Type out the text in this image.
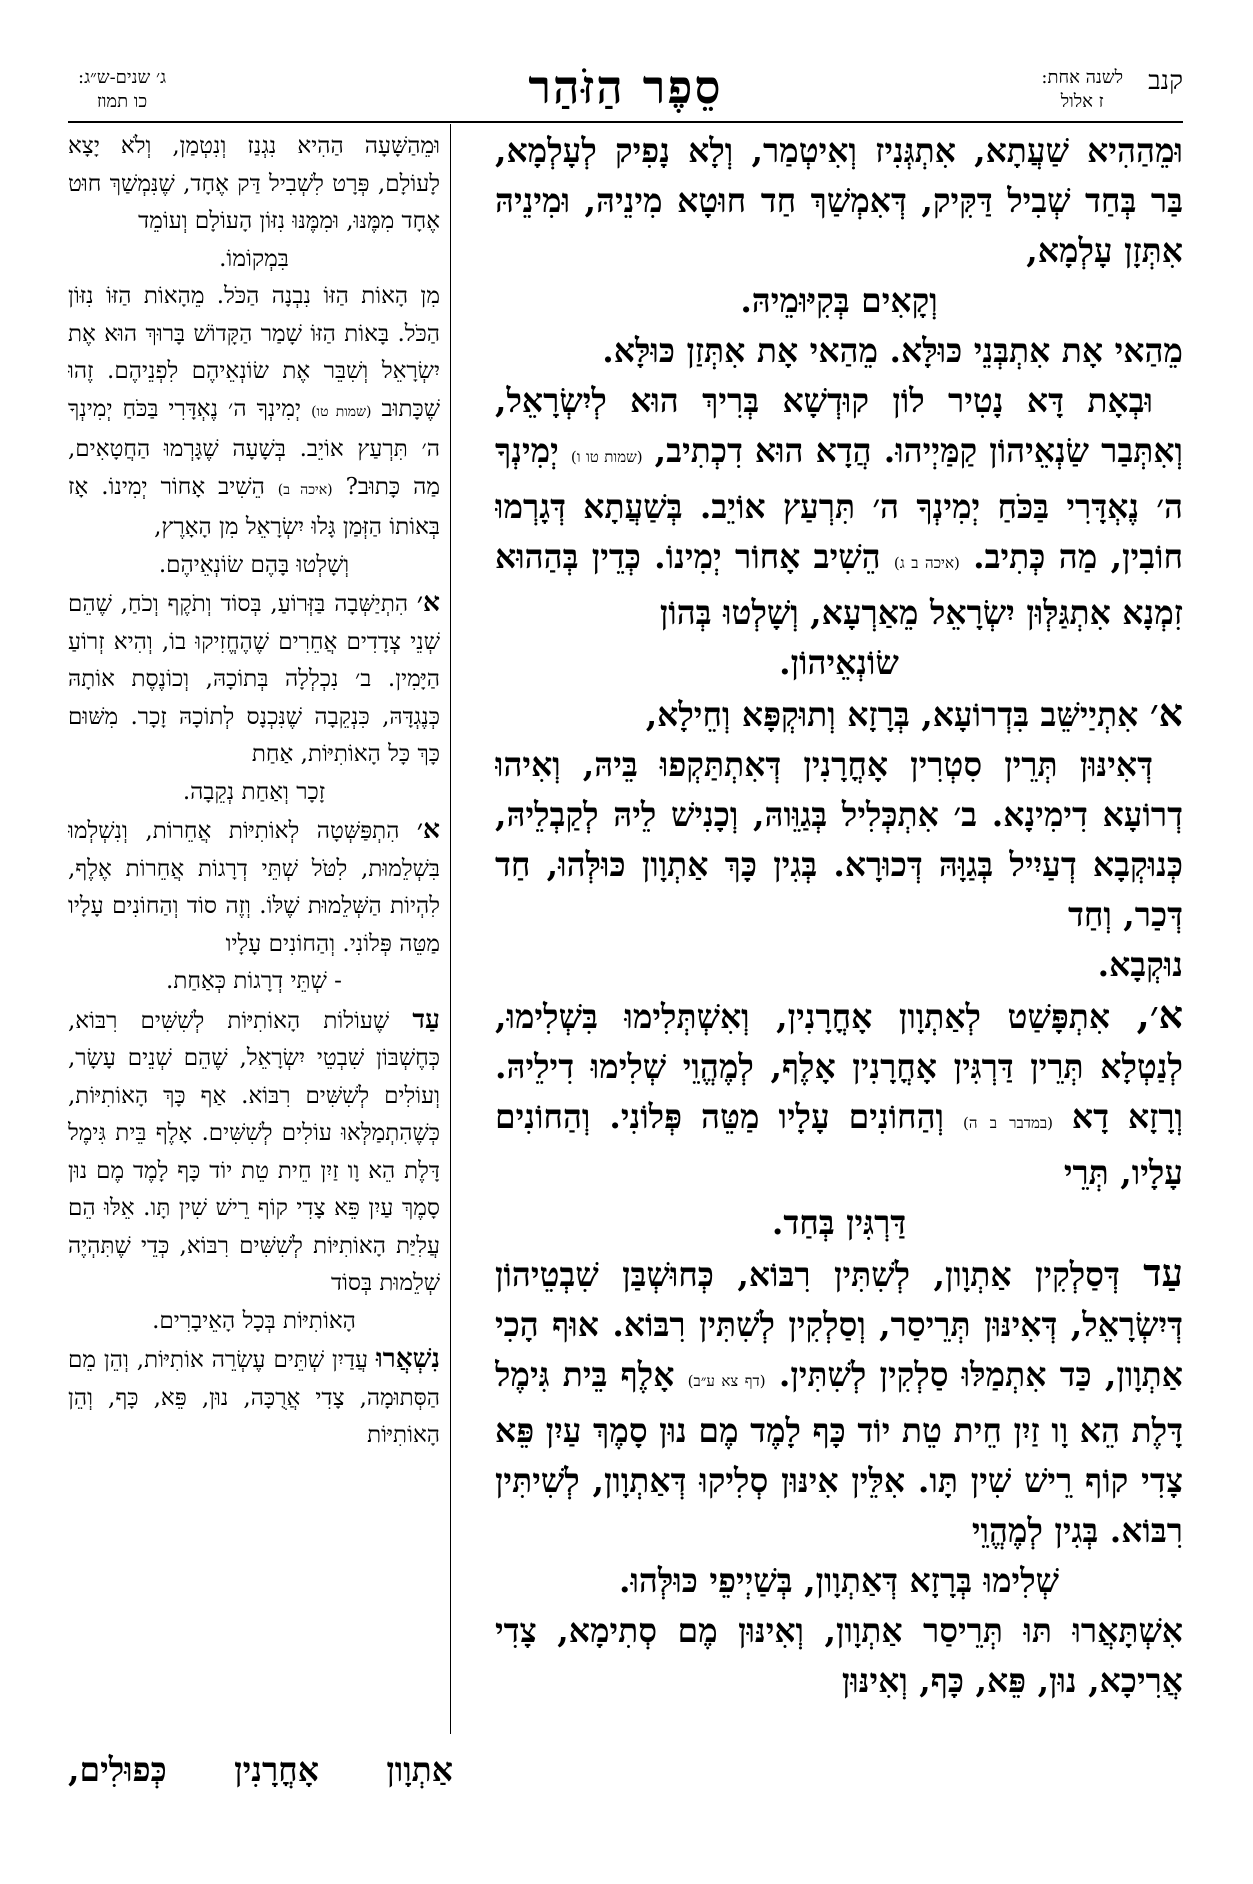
קנב
לשנה אחת:
ז אלול
סֵפֶר הַזֹּהַר
ג׳ שנים-ש״ג:
כו תמוז

וּמֵהַהִיא שַׁעֲתָא, אִתְגְּנִיז וְאִיטְמַר, וְלָא נָפִיק לְעָלְמָא, בַּר בְּחַד שְׁבִיל דַּקִּיק, דְּאִמְשַׁךְ חַד חוּטָא מִינֵיהּ, וּמִינֵיהּ אִתְּזָן עָלְמָא,

וְקָאִים בְּקִיּוּמֵיהּ.

מֵהַאי אָת אִתְבְּנֵי כּוּלָּא. מֵהַאי אָת אִתְּזַן כּוּלָּא.

וּבְאָת דָּא נָטִיר לוֹן קוּדְשָׁא בְּרִיךְ הוּא לְיִשְׂרָאֵל, וְאִתְּבַר שַׂנְאֵיהוֹן קַמַּיְיהוּ. הֲדָא הוּא דִכְתִיב, (שמות טו ו) יְמִינְךָ ה׳ נֶאְדָּרִי בַּכֹּחַ יְמִינְךָ ה׳ תִּרְעַץ אוֹיֵב. בְּשַׁעֲתָא דְּגָרְמוּ חוֹבִין, מַה כְּתִיב. (איכה ב ג) הֵשִׁיב אָחוֹר יְמִינוֹ. כְּדֵין בְּהַהוּא זִמְנָא אִתְגַּלְּוּן יִשְׂרָאֵל מֵאַרְעָא, וְשָׁלְטוּ בְּהוֹן

שׂוֹנְאֵיהוֹן.

א׳ אִתְיַישֵּׁב בִּדְרוֹעָא, בְּרָזָא וְתוּקְפָּא וְחֵילָא,

דְּאִינּוּן תְּרֵין סִטְרִין אָחֳרָנִין דְּאִתְתַּקְפוּ בֵּיהּ, וְאִיהוּ דְרוֹעָא דִימִינָא. ב׳ אִתְכְּלִיל בְּגַוֵּוהּ, וְכָנִישׁ לֵיהּ לְקַבְלֵיהּ, כְּנוּקְבָא דְעַיִיל בְּגַוָּהּ דְּכוּרָא. בְּגִין כָּךְ אַתְוָון כּוּלְּהוּ, חַד דְּכַר, וְחַד

נוּקְבָא.

א׳, אִתְפָּשַׁט לְאַתְוָון אָחֳרָנִין, וְאִשְׁתְּלִימוּ בִּשְׁלִימוּ, לְנַטְלָא תְּרֵין דַּרְגִּין אָחֳרָנִין אָלֶף, לְמֶהֱוֵי שְׁלִימוּ דִילֵיהּ. וְרָזָא דָא (במדבר ב ה) וְהַחוֹנִים עָלָיו מַטֵּה פְּלוֹנִי. וְהַחוֹנִים עָלָיו, תְּרֵי

דַּרְגִּין בְּחַד.

עַד דְּסַלְקִין אַתְוָון, לְשִׁתִּין רִבּוֹא, כְּחוּשְׁבַּן שִׁבְטֵיהוֹן דְּיִשְׂרָאֵל, דְּאִינּוּן תְּרֵיסַר, וְסַלְקִין לְשִׁתִּין רִבּוֹא. אוּף הָכִי אַתְוָון, כַּד אִתְמַלּוּ סַלְקִין לְשִׁתִּין. (דף צא ע״ב) אָלֶף בֵּית גִּימֶל דָּלֶת הֵא וָו זַיִן חֵית טֵת יוֹד כָּף לָמֶד מֶם נוּן סָמֶךְ עַיִן פֵּא צָדִי קוֹף רֵישׁ שִׁין תָּו. אִלֵּין אִינּוּן סְלִיקוּ דְּאַתְוָון, לְשִׁיתִּין רִבּוֹא. בְּגִין לְמֶהֱוֵי

שְׁלִימוּ בְּרָזָא דְּאַתְוָון, בְּשַׁיְיפֵי כּוּלְּהוּ.

אִשְׁתָּאֲרוּ תּוּ תְּרֵיסַר אַתְוָון, וְאִינּוּן מֶם סְתִימָא, צָדִי אֲרִיכָא, נוּן, פֵּא, כָּף, וְאִינּוּן

וּמֵהַשָּׁעָה הַהִיא נִגְנַז וְנִטְמַן, וְלֹא יָצָא לָעוֹלָם, פְּרָט לִשְׁבִיל דַּק אֶחָד, שֶׁנִּמְשַׁךְ חוּט אֶחָד מִמֶּנּוּ, וּמִמֶּנּוּ נִזּוֹן הָעוֹלָם וְעוֹמֵד

בִּמְקוֹמוֹ.

מִן הָאוֹת הַזּוֹ נִבְנָה הַכֹּל. מֵהָאוֹת הַזּוֹ נִזּוֹן הַכֹּל. בָּאוֹת הַזּוֹ שָׁמַר הַקָּדוֹשׁ בָּרוּךְ הוּא אֶת יִשְׂרָאֵל וְשִׁבֵּר אֶת שׂוֹנְאֵיהֶם לִפְנֵיהֶם. זֶהוּ שֶׁכָּתוּב (שמות טו) יְמִינְךָ ה׳ נֶאְדָּרִי בַּכֹּחַ יְמִינְךָ ה׳ תִּרְעַץ אוֹיֵב. בְּשָׁעָה שֶׁגָּרְמוּ הַחֲטָאִים, מַה כָּתוּב? (איכה ב) הֵשִׁיב אָחוֹר יְמִינוֹ. אָז בְּאוֹתוֹ הַזְּמַן גָּלוּ יִשְׂרָאֵל מִן הָאָרֶץ,

וְשָׁלְטוּ בָּהֶם שׂוֹנְאֵיהֶם.

א׳ הִתְיַשְּׁבָה בַּזְּרוֹעַ, בְּסוֹד וְתֹקֶף וְכֹחַ, שֶׁהֵם שְׁנֵי צְדָדִים אֲחֵרִים שֶׁהֶחֱזִיקוּ בוֹ, וְהִיא זְרוֹעַ הַיָּמִין. ב׳ נִכְלְלָה בְּתוֹכָהּ, וְכוֹנֶסֶת אוֹתָהּ כְּנֶגְדָּהּ, כִּנְקֵבָה שֶׁנִּכְנָס לְתוֹכָהּ זָכָר. מִשּׁוּם כָּךְ כָּל הָאוֹתִיּוֹת, אַחַת

זָכָר וְאַחַת נְקֵבָה.

א׳ הִתְפַּשְּׁטָה לְאוֹתִיּוֹת אֲחֵרוֹת, וְנִשְׁלְמוּ בִּשְׁלֵמוּת, לִטֹּל שְׁתֵּי דְרָגוֹת אֲחֵרוֹת אֶלֶף, לִהְיוֹת הַשְּׁלֵמוּת שֶׁלּוֹ. וְזֶה סוֹד וְהַחוֹנִים עָלָיו מַטֵּה פְּלוֹנִי. וְהַחוֹנִים עָלָיו

- שְׁתֵּי דְרָגוֹת כְּאַחַת.

עַד שֶׁעוֹלוֹת הָאוֹתִיּוֹת לְשִׁשִּׁים רִבּוֹא, כְּחֶשְׁבּוֹן שִׁבְטֵי יִשְׂרָאֵל, שֶׁהֵם שְׁנֵים עָשָׂר, וְעוֹלִים לְשִׁשִּׁים רִבּוֹא. אַף כָּךְ הָאוֹתִיּוֹת, כְּשֶׁהִתְמַלְּאוּ עוֹלִים לְשִׁשִּׁים. אָלֶף בֵּית גִּימֶל דָּלֶת הֵא וָו זַיִן חֵית טֵת יוֹד כָּף לָמֶד מֶם נוּן סָמֶךְ עַיִן פֵּא צָדִי קוֹף רֵישׁ שִׁין תָּו. אֵלּוּ הֵם עֲלִיַּת הָאוֹתִיּוֹת לְשִׁשִּׁים רִבּוֹא, כְּדֵי שֶׁתִּהְיֶה שְׁלֵמוּת בְּסוֹד

הָאוֹתִיּוֹת בְּכָל הָאֵיבָרִים.

נִשְׁאֲרוּ עֲדַיִן שְׁתֵּים עֶשְׂרֵה אוֹתִיּוֹת, וְהֵן מֵם הַסְּתוּמָה, צָדִי אֲרֻכָּה, נוּן, פֵּא, כָּף, וְהֵן הָאוֹתִיּוֹת

אַתְוָון אָחֳרָנִין כְּפוּלִים,
